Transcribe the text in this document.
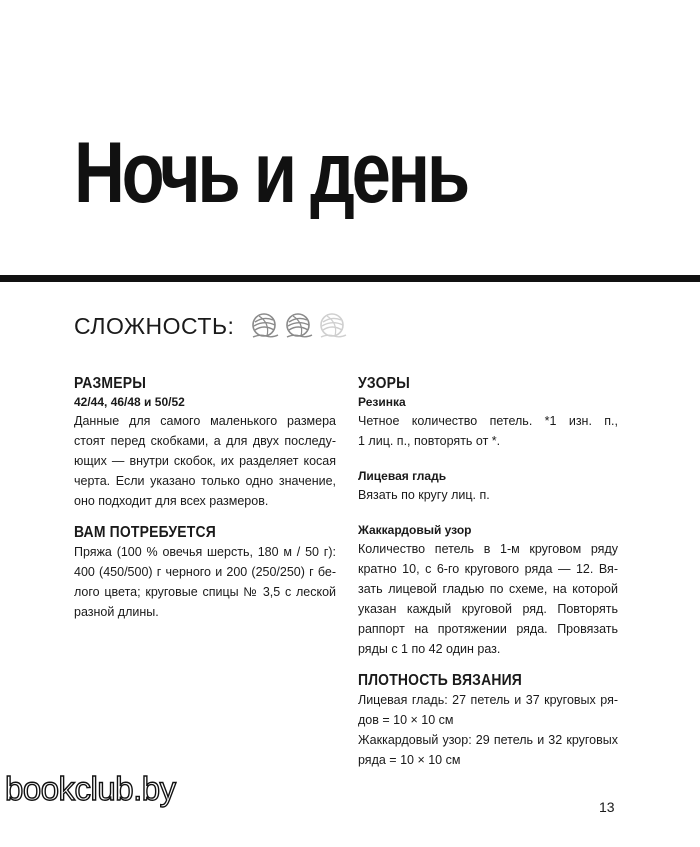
Ночь и день
СЛОЖНОСТЬ:
РАЗМЕРЫ

42/44, 46/48 и 50/52

Данные для самого маленького размера
стоят перед скобками, а для двух последу-
ющих — внутри скобок, их разделяет косая
черта. Если указано только одно значение,
оно подходит для всех размеров.
ВАМ ПОТРЕБУЕТСЯ
Пряжа (100 % овечья шерсть, 180 м / 50 г):
400 (450/500) г черного и 200 (250/250) г бе-
лого цвета; круговые спицы № 3,5 с леской
разной длины.
УЗОРЫ

Резинка

Четное количество петель. *1 изн. п.,
1 лиц. п., повторять от *.

Лицевая гладь

Вязать по кругу лиц. п.

Жаккардовый узор

Количество петель в 1-м круговом ряду
кратно 10, с 6-го кругового ряда — 12. Вя-
зать лицевой гладью по схеме, на которой
указан каждый круговой ряд. Повторять
раппорт на протяжении ряда. Провязать
ряды с 1 по 42 один раз.
ПЛОТНОСТЬ ВЯЗАНИЯ
Лицевая гладь: 27 петель и 37 круговых ря-
дов = 10 × 10 см
Жаккардовый узор: 29 петель и 32 круговых
ряда = 10 × 10 см
bookclub.by	13
